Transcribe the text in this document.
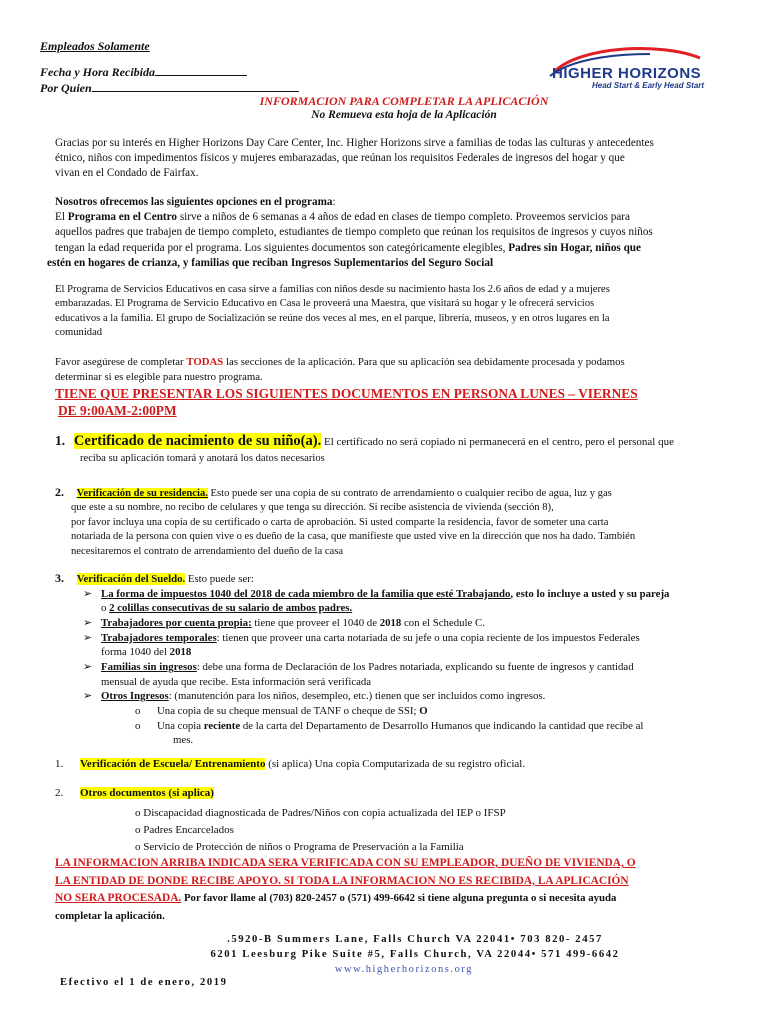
Empleados Solamente
Fecha y Hora Recibida
Por Quien
INFORMACION PARA COMPLETAR LA APLICACIÓN
No Remueva esta hoja de la Aplicación
HIGHER HORIZONS
Head Start & Early Head Start
Gracias por su interés en Higher Horizons Day Care Center, Inc. Higher Horizons sirve a familias de todas las culturas y antecedentes
étnico, niños con impedimentos físicos y mujeres embarazadas, que reúnan los requisitos Federales de ingresos del hogar y que
vivan en el Condado de Fairfax.
Nosotros ofrecemos las siguientes opciones en el programa:
El Programa en el Centro sirve a niños de 6 semanas a 4 años de edad en clases de tiempo completo. Proveemos servicios para
aquellos padres que trabajen de tiempo completo, estudiantes de tiempo completo que reúnan los requisitos de ingresos y cuyos niños
tengan la edad requerida por el programa. Los siguientes documentos son categóricamente elegibles, Padres sin Hogar, niños que
estén en hogares de crianza, y familias que reciban Ingresos Suplementarios del Seguro Social
El Programa de Servicios Educativos en casa sirve a familias con niños desde su nacimiento hasta los 2.6 años de edad y a mujeres
embarazadas. El Programa de Servicio Educativo en Casa le proveerá una Maestra, que visitará su hogar y le ofrecerá servicios
educativos a la familia. El grupo de Socialización se reúne dos veces al mes, en el parque, librería, museos, y en otros lugares en la
comunidad
Favor asegúrese de completar TODAS las secciones de la aplicación. Para que su aplicación sea debidamente procesada y podamos
determinar si es elegible para nuestro programa.
TIENE QUE PRESENTAR LOS SIGUIENTES DOCUMENTOS EN PERSONA LUNES – VIERNES
DE 9:00AM-2:00PM
1. Certificado de nacimiento de su niño(a). El certificado no será copiado ni permanecerá en el centro, pero el personal que
reciba su aplicación tomará y anotará los datos necesarios
2. Verificación de su residencia. Esto puede ser una copia de su contrato de arrendamiento o cualquier recibo de agua, luz y gas
que este a su nombre, no recibo de celulares y que tenga su dirección. Si recibe asistencia de vivienda (sección 8),
por favor incluya una copia de su certificado o carta de aprobación. Si usted comparte la residencia, favor de someter una carta
notariada de la persona con quien vive o es dueño de la casa, que manifieste que usted vive en la dirección que nos ha dado. También
necesitaremos el contrato de arrendamiento del dueño de la casa
3. Verificación del Sueldo. Esto puede ser:
➢ La forma de impuestos 1040 del 2018 de cada miembro de la familia que esté Trabajando, esto lo incluye a usted y su pareja
o 2 colillas consecutivas de su salario de ambos padres.
➢ Trabajadores por cuenta propia: tiene que proveer el 1040 de 2018 con el Schedule C.
➢ Trabajadores temporales: tienen que proveer una carta notariada de su jefe o una copia reciente de los impuestos Federales
forma 1040 del 2018
➢ Familias sin ingresos: debe una forma de Declaración de los Padres notariada, explicando su fuente de ingresos y cantidad
mensual de ayuda que recibe. Esta información será verificada
➢ Otros Ingresos: (manutención para los niños, desempleo, etc.) tienen que ser incluidos como ingresos.
o Una copia de su cheque mensual de TANF o cheque de SSI; O
o Una copia reciente de la carta del Departamento de Desarrollo Humanos que indicando la cantidad que recibe al
mes.
1. Verificación de Escuela/ Entrenamiento (si aplica) Una copia Computarizada de su registro oficial.
2. Otros documentos (si aplica)
o Discapacidad diagnosticada de Padres/Niños con copia actualizada del IEP o IFSP
o Padres Encarcelados
o Servicio de Protección de niños o Programa de Preservación a la Familia
LA INFORMACION ARRIBA INDICADA SERA VERIFICADA CON SU EMPLEADOR, DUEÑO DE VIVIENDA, O
LA ENTIDAD DE DONDE RECIBE APOYO. SI TODA LA INFORMACION NO ES RECIBIDA, LA APLICACIÓN
NO SERA PROCESADA. Por favor llame al (703) 820-2457 o (571) 499-6642 si tiene alguna pregunta o si necesita ayuda
completar la aplicación.
.5920-B Summers Lane, Falls Church VA 22041• 703 820- 2457
6201 Leesburg Pike Suite #5, Falls Church, VA 22044• 571 499-6642
www.higherhorizons.org
Efectivo el 1 de enero, 2019
